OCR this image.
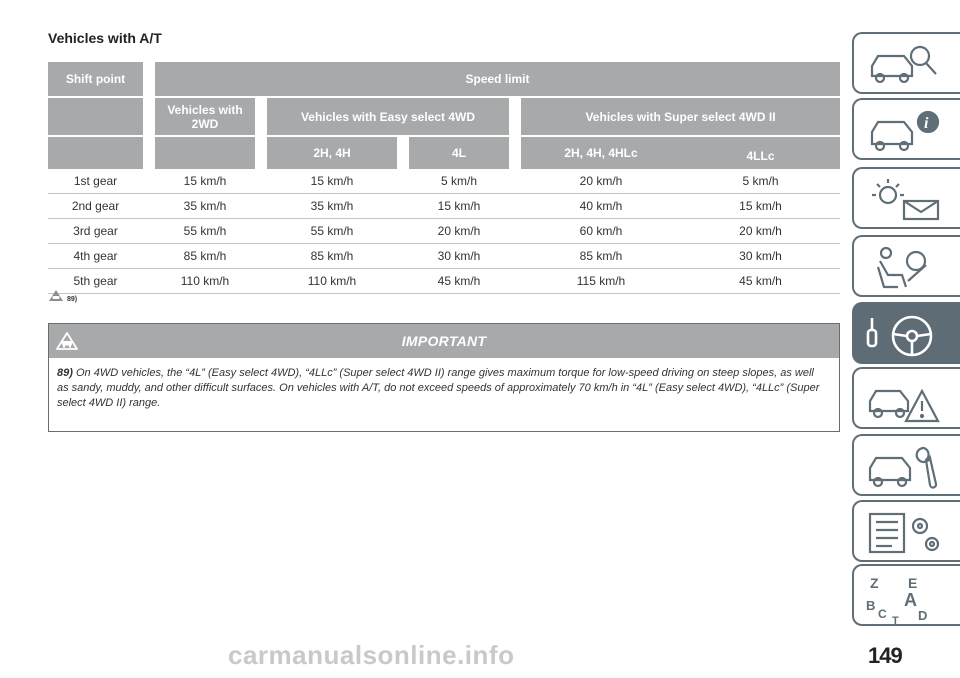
Vehicles with A/T
Shift point		Speed limit							
		Vehicles with 2WD		Vehicles with Easy select 4WD				Vehicles with Super select 4WD II	
				2H, 4H		4L		2H, 4H, 4HLc	4LLc
1st gear		15 km/h		15 km/h		5 km/h		20 km/h	5 km/h
2nd gear		35 km/h		35 km/h		15 km/h		40 km/h	15 km/h
3rd gear		55 km/h		55 km/h		20 km/h		60 km/h	20 km/h
4th gear		85 km/h		85 km/h		30 km/h		85 km/h	30 km/h
5th gear		110 km/h		110 km/h		45 km/h		115 km/h	45 km/h
89)
IMPORTANT

89) On 4WD vehicles, the “4L” (Easy select 4WD), “4LLc” (Super select 4WD II) range gives maximum torque for low-speed driving on steep slopes, as well as sandy, muddy, and other difficult surfaces. On vehicles with A/T, do not exceed speeds of approximately 70 km/h in “4L” (Easy select 4WD), “4LLc” (Super select 4WD II) range.

i
Z E
B A
C D
T

149

carmanualsonline.info
